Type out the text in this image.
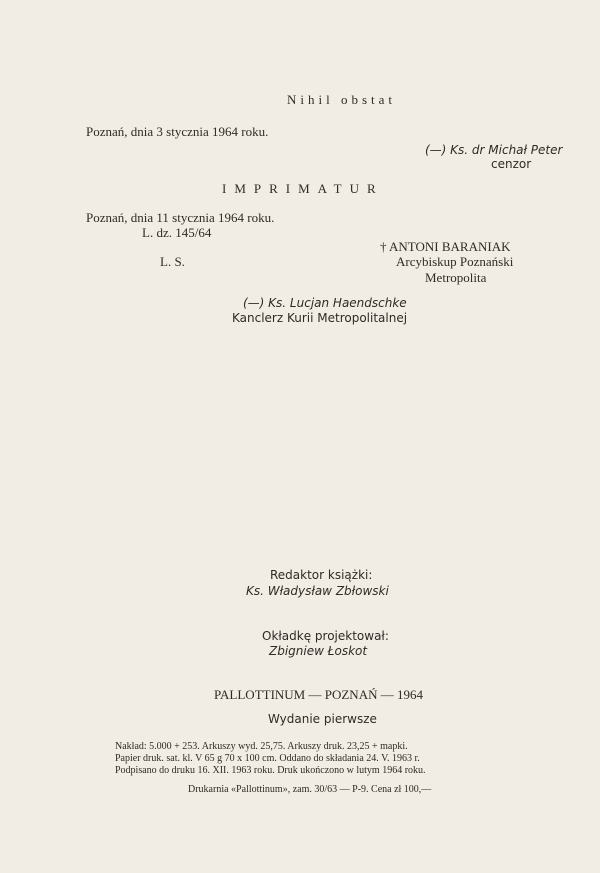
Nihil obstat
Poznań, dnia 3 stycznia 1964 roku.
(—) Ks. dr Michał Peter
cenzor
IMPRIMATUR
Poznań, dnia 11 stycznia 1964 roku.
L. dz. 145/64
† ANTONI BARANIAK
L. S.	Arcybiskup Poznański
Metropolita
(—) Ks. Lucjan Haendschke
Kanclerz Kurii Metropolitalnej
Redaktor książki:
Ks. Władysław Zbłowski
Okładkę projektował:
Zbigniew Łoskot
PALLOTTINUM — POZNAŃ — 1964
Wydanie pierwsze
Nakład: 5.000 + 253. Arkuszy wyd. 25,75. Arkuszy druk. 23,25 + mapki.
Papier druk. sat. kl. V 65 g 70 x 100 cm. Oddano do składania 24. V. 1963 r.
Podpisano do druku 16. XII. 1963 roku. Druk ukończono w lutym 1964 roku.
Drukarnia «Pallottinum», zam. 30/63 — P-9. Cena zł 100,—
